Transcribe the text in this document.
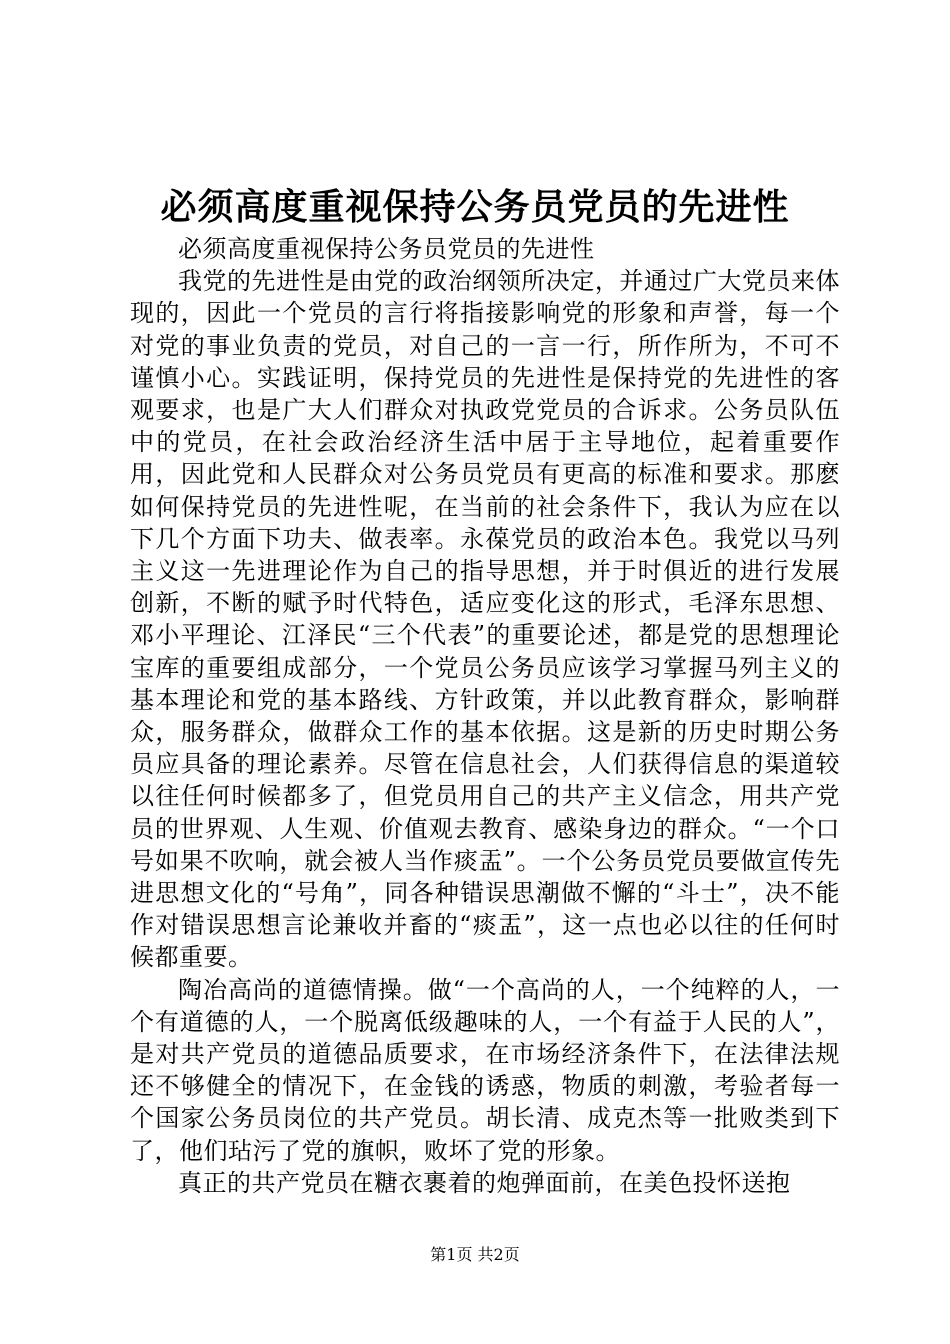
必须高度重视保持公务员党员的先进性

必须高度重视保持公务员党员的先进性

我党的先进性是由党的政治纲领所决定，并通过广大党员来体现的，因此一个党员的言行将指接影响党的形象和声誉，每一个对党的事业负责的党员，对自己的一言一行，所作所为，不可不谨慎小心。实践证明，保持党员的先进性是保持党的先进性的客观要求，也是广大人们群众对执政党党员的合诉求。公务员队伍中的党员，在社会政治经济生活中居于主导地位，起着重要作用，因此党和人民群众对公务员党员有更高的标准和要求。那麽如何保持党员的先进性呢，在当前的社会条件下，我认为应在以下几个方面下功夫、做表率。永葆党员的政治本色。我党以马列主义这一先进理论作为自己的指导思想，并于时俱近的进行发展创新，不断的赋予时代特色，适应变化这的形式，毛泽东思想、邓小平理论、江泽民“三个代表”的重要论述，都是党的思想理论宝库的重要组成部分，一个党员公务员应该学习掌握马列主义的基本理论和党的基本路线、方针政策，并以此教育群众，影响群众，服务群众，做群众工作的基本依据。这是新的历史时期公务员应具备的理论素养。尽管在信息社会，人们获得信息的渠道较以往任何时候都多了，但党员用自己的共产主义信念，用共产党员的世界观、人生观、价值观去教育、感染身边的群众。“一个口号如果不吹响，就会被人当作痰盂”。一个公务员党员要做宣传先进思想文化的“号角”，同各种错误思潮做不懈的“斗士”，决不能作对错误思想言论兼收并畜的“痰盂”，这一点也必以往的任何时候都重要。

陶冶高尚的道德情操。做“一个高尚的人，一个纯粹的人，一个有道德的人，一个脱离低级趣味的人，一个有益于人民的人”，是对共产党员的道德品质要求，在市场经济条件下，在法律法规还不够健全的情况下，在金钱的诱惑，物质的刺激，考验者每一个国家公务员岗位的共产党员。胡长清、成克杰等一批败类到下了，他们玷污了党的旗帜，败坏了党的形象。

真正的共产党员在糖衣裹着的炮弹面前，在美色投怀送抱

第1页 共2页
